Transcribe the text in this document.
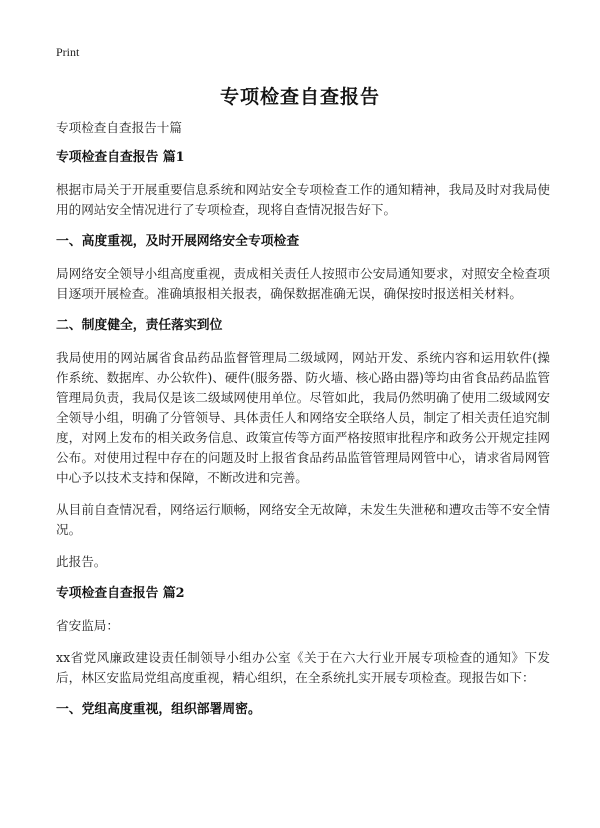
Print
专项检查自查报告
专项检查自查报告十篇
专项检查自查报告 篇1

根据市局关于开展重要信息系统和网站安全专项检查工作的通知精神，我局及时对我局使用的网站安全情况进行了专项检查，现将自查情况报告好下。

一、高度重视，及时开展网络安全专项检查

局网络安全领导小组高度重视，责成相关责任人按照市公安局通知要求，对照安全检查项目逐项开展检查。准确填报相关报表，确保数据准确无误，确保按时报送相关材料。

二、制度健全，责任落实到位

我局使用的网站属省食品药品监督管理局二级域网，网站开发、系统内容和运用软件(操作系统、数据库、办公软件)、硬件(服务器、防火墙、核心路由器)等均由省食品药品监管管理局负责，我局仅是该二级域网使用单位。尽管如此，我局仍然明确了使用二级域网安全领导小组，明确了分管领导、具体责任人和网络安全联络人员，制定了相关责任追究制度，对网上发布的相关政务信息、政策宣传等方面严格按照审批程序和政务公开规定挂网公布。对使用过程中存在的问题及时上报省食品药品监管管理局网管中心，请求省局网管中心予以技术支持和保障，不断改进和完善。

从目前自查情况看，网络运行顺畅，网络安全无故障，未发生失泄秘和遭攻击等不安全情况。

此报告。

专项检查自查报告 篇2

省安监局：

xx省党风廉政建设责任制领导小组办公室《关于在六大行业开展专项检查的通知》下发后，林区安监局党组高度重视，精心组织，在全系统扎实开展专项检查。现报告如下：

一、党组高度重视，组织部署周密。
